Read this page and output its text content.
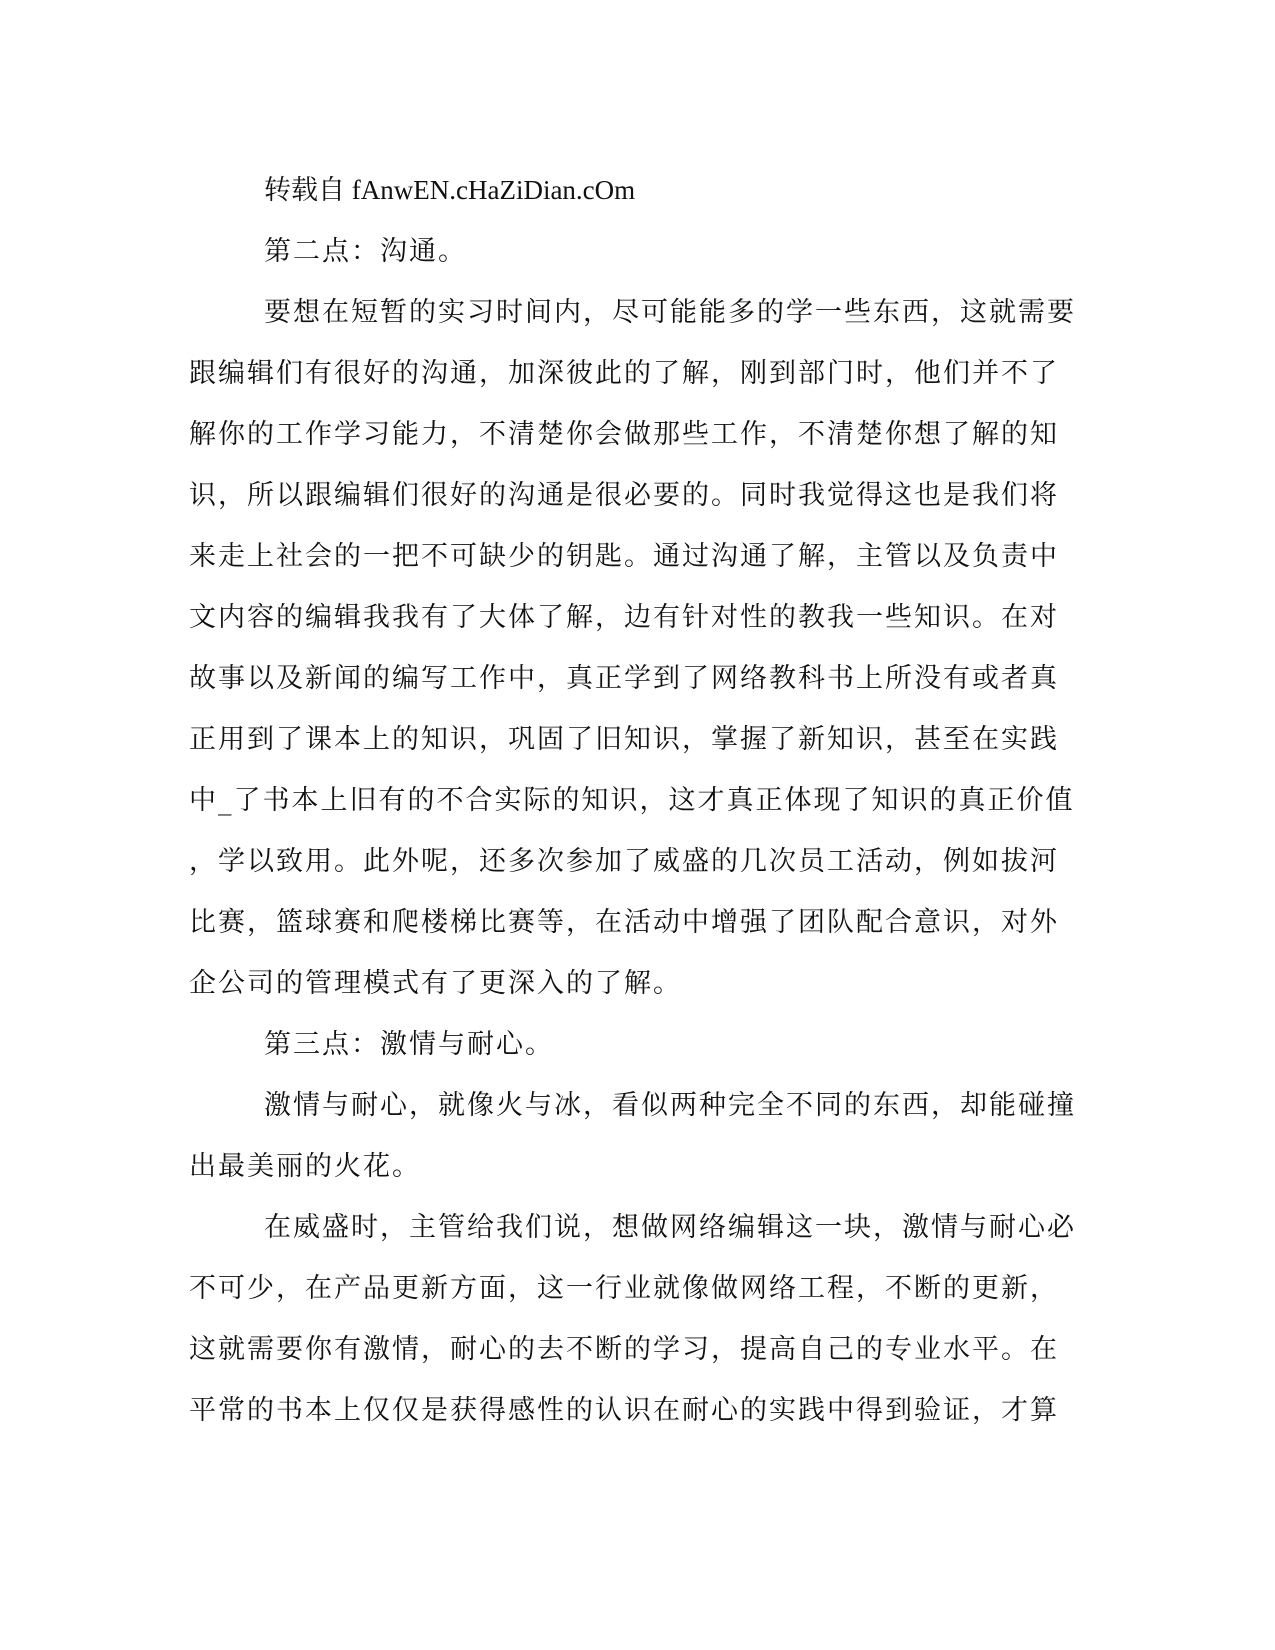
转载自 fAnwEN.cHaZiDian.cOm
第二点：沟通。
要想在短暂的实习时间内，尽可能能多的学一些东西，这就需要
跟编辑们有很好的沟通，加深彼此的了解，刚到部门时，他们并不了
解你的工作学习能力，不清楚你会做那些工作，不清楚你想了解的知
识，所以跟编辑们很好的沟通是很必要的。同时我觉得这也是我们将
来走上社会的一把不可缺少的钥匙。通过沟通了解，主管以及负责中
文内容的编辑我我有了大体了解，边有针对性的教我一些知识。在对
故事以及新闻的编写工作中，真正学到了网络教科书上所没有或者真
正用到了课本上的知识，巩固了旧知识，掌握了新知识，甚至在实践
中_了书本上旧有的不合实际的知识，这才真正体现了知识的真正价值
，学以致用。此外呢，还多次参加了威盛的几次员工活动，例如拔河
比赛，篮球赛和爬楼梯比赛等，在活动中增强了团队配合意识，对外
企公司的管理模式有了更深入的了解。
第三点：激情与耐心。
激情与耐心，就像火与冰，看似两种完全不同的东西，却能碰撞
出最美丽的火花。
在威盛时，主管给我们说，想做网络编辑这一块，激情与耐心必
不可少，在产品更新方面，这一行业就像做网络工程，不断的更新，
这就需要你有激情，耐心的去不断的学习，提高自己的专业水平。在
平常的书本上仅仅是获得感性的认识在耐心的实践中得到验证，才算
